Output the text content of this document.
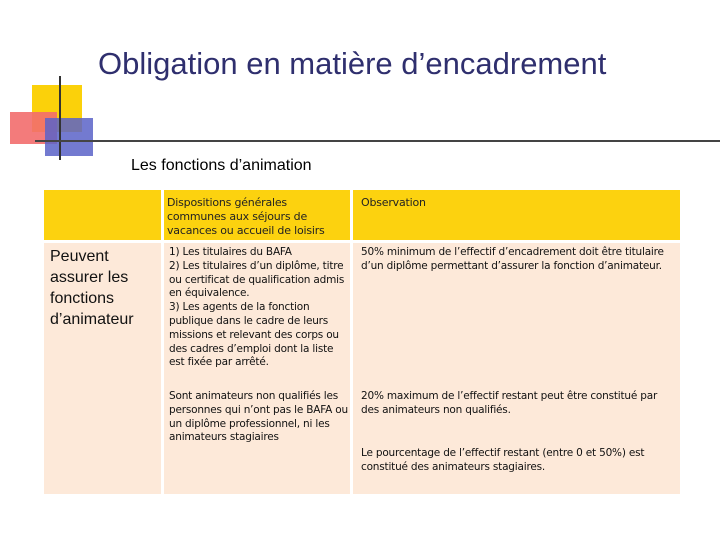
Obligation en matière d’encadrement
Les fonctions d’animation
Dispositions générales communes aux séjours de vacances ou accueil de loisirs
Observation
Peuvent assurer les fonctions d’animateur
1) Les titulaires du BAFA
2) Les titulaires d’un diplôme, titre ou certificat de qualification admis en équivalence.
3) Les agents de la fonction publique dans le cadre de leurs missions et relevant des corps ou des cadres d’emploi dont la liste est fixée par arrêté.
Sont animateurs non qualifiés les personnes qui n’ont pas le BAFA ou un diplôme professionnel, ni les animateurs stagiaires
50% minimum de l’effectif d’encadrement doit être titulaire d’un diplôme permettant d’assurer la fonction d’animateur.
20% maximum de l’effectif restant peut être constitué par des animateurs non qualifiés.
Le pourcentage de l’effectif restant (entre 0 et 50%) est constitué des animateurs stagiaires.
